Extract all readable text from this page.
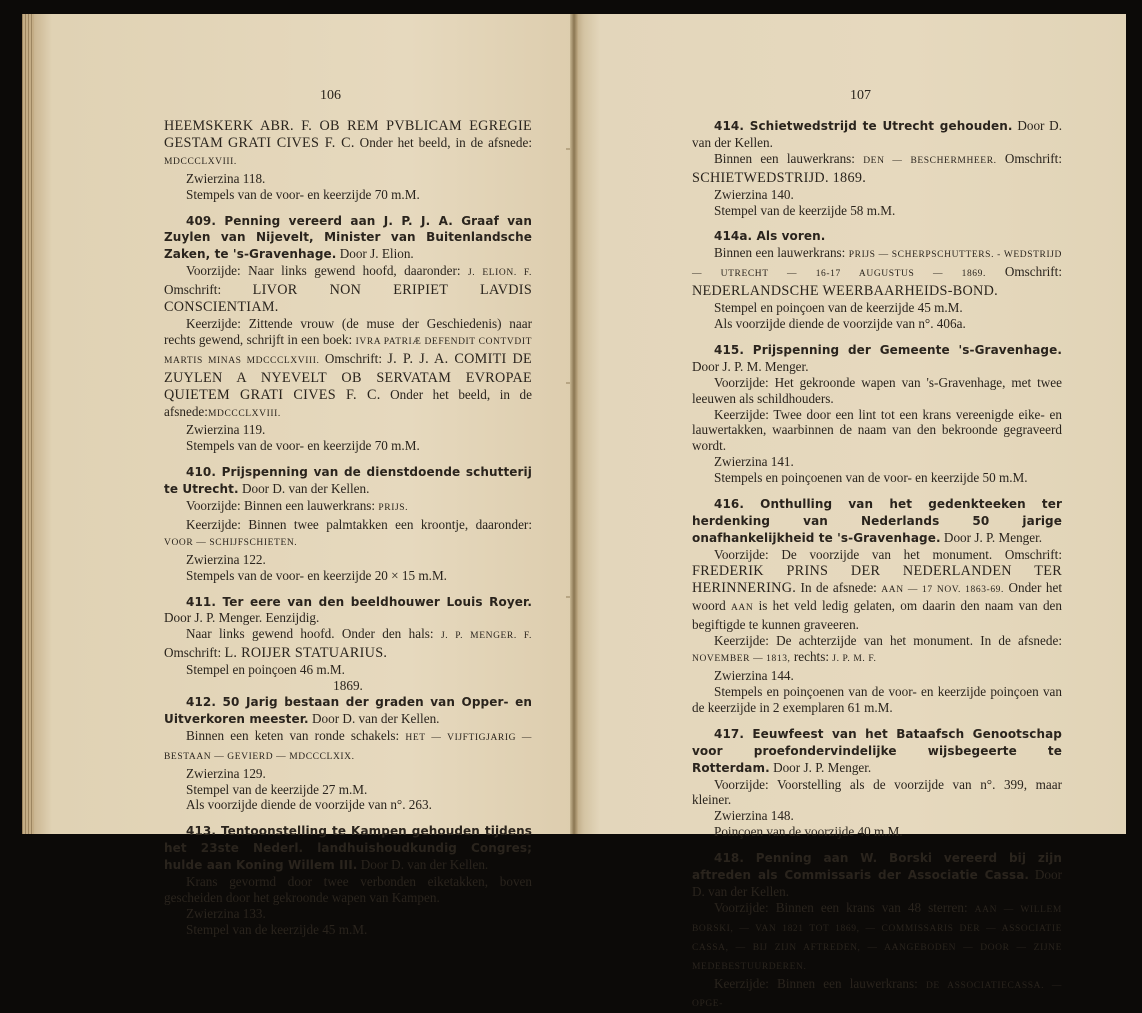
106

HEEMSKERK ABR. F. OB REM PVBLICAM EGREGIE GESTAM GRATI CIVES F. C. Onder het beeld, in de afsnede: MDCCCLXVIII.

Zwierzina 118.

Stempels van de voor- en keerzijde 70 m.M.

409. Penning vereerd aan J. P. J. A. Graaf van Zuylen van Nijevelt, Minister van Buitenlandsche Zaken, te 's-Gravenhage. Door J. Elion.

Voorzijde: Naar links gewend hoofd, daaronder: J. ELION. F. Omschrift: LIVOR NON ERIPIET LAVDIS CONSCIENTIAM.

Keerzijde: Zittende vrouw (de muse der Geschiedenis) naar rechts gewend, schrijft in een boek: IVRA PATRIÆ DEFENDIT CONTVDIT MARTIS MINAS MDCCCLXVIII. Omschrift: J. P. J. A. COMITI DE ZUYLEN A NYEVELT OB SERVATAM EVROPAE QUIETEM GRATI CIVES F. C. Onder het beeld, in de afsnede:MDCCCLXVIII.

Zwierzina 119.

Stempels van de voor- en keerzijde 70 m.M.

410. Prijspenning van de dienstdoende schutterij te Utrecht. Door D. van der Kellen.

Voorzijde: Binnen een lauwerkrans: PRIJS.

Keerzijde: Binnen twee palmtakken een kroontje, daaronder: VOOR — SCHIJFSCHIETEN.

Zwierzina 122.

Stempels van de voor- en keerzijde 20 × 15 m.M.

411. Ter eere van den beeldhouwer Louis Royer. Door J. P. Menger. Eenzijdig.

Naar links gewend hoofd. Onder den hals: J. P. MENGER. F. Omschrift: L. ROIJER STATUARIUS.

Stempel en poinçoen 46 m.M.

1869.

412. 50 Jarig bestaan der graden van Opper- en Uitverkoren meester. Door D. van der Kellen.

Binnen een keten van ronde schakels: HET — VIJFTIGJARIG — BESTAAN — GEVIERD — MDCCCLXIX.

Zwierzina 129.

Stempel van de keerzijde 27 m.M.

Als voorzijde diende de voorzijde van n°. 263.

413. Tentoonstelling te Kampen gehouden tijdens het 23ste Nederl. landhuishoudkundig Congres; hulde aan Koning Willem III. Door D. van der Kellen.

Krans gevormd door twee verbonden eiketakken, boven gescheiden door het gekroonde wapen van Kampen.

Zwierzina 133.

Stempel van de keerzijde 45 m.M.

107

414. Schietwedstrijd te Utrecht gehouden. Door D. van der Kellen.

Binnen een lauwerkrans: DEN — BESCHERMHEER. Omschrift: SCHIETWEDSTRIJD. 1869.

Zwierzina 140.

Stempel van de keerzijde 58 m.M.

414a. Als voren.

Binnen een lauwerkrans: PRIJS — SCHERPSCHUTTERS. - WEDSTRIJD — UTRECHT — 16-17 AUGUSTUS — 1869. Omschrift: NEDERLANDSCHE WEERBAARHEIDS-BOND.

Stempel en poinçoen van de keerzijde 45 m.M.

Als voorzijde diende de voorzijde van n°. 406a.

415. Prijspenning der Gemeente 's-Gravenhage. Door J. P. M. Menger.

Voorzijde: Het gekroonde wapen van 's-Gravenhage, met twee leeuwen als schildhouders.

Keerzijde: Twee door een lint tot een krans vereenigde eike- en lauwertakken, waarbinnen de naam van den bekroonde gegraveerd wordt.

Zwierzina 141.

Stempels en poinçoenen van de voor- en keerzijde 50 m.M.

416. Onthulling van het gedenkteeken ter herdenking van Nederlands 50 jarige onafhankelijkheid te 's-Gravenhage. Door J. P. Menger.

Voorzijde: De voorzijde van het monument. Omschrift: FREDERIK PRINS DER NEDERLANDEN TER HERINNERING. In de afsnede: AAN — 17 NOV. 1863-69. Onder het woord AAN is het veld ledig gelaten, om daarin den naam van den begiftigde te kunnen graveeren.

Keerzijde: De achterzijde van het monument. In de afsnede: NOVEMBER — 1813, rechts: J. P. M. F.

Zwierzina 144.

Stempels en poinçoenen van de voor- en keerzijde poinçoen van de keerzijde in 2 exemplaren 61 m.M.

417. Eeuwfeest van het Bataafsch Genootschap voor proefondervindelijke wijsbegeerte te Rotterdam. Door J. P. Menger.

Voorzijde: Voorstelling als de voorzijde van n°. 399, maar kleiner.

Zwierzina 148.

Poinçoen van de voorzijde 40 m.M.

418. Penning aan W. Borski vereerd bij zijn aftreden als Commissaris der Associatie Cassa. Door D. van der Kellen.

Voorzijde: Binnen een krans van 48 sterren: AAN — WILLEM BORSKI, — VAN 1821 TOT 1869, — COMMISSARIS DER — ASSOCIATIE CASSA, — BIJ ZIJN AFTREDEN, — AANGEBODEN — DOOR — ZIJNE MEDEBESTUURDEREN.

Keerzijde: Binnen een lauwerkrans: DE ASSOCIATIECASSA. — OPGE-
